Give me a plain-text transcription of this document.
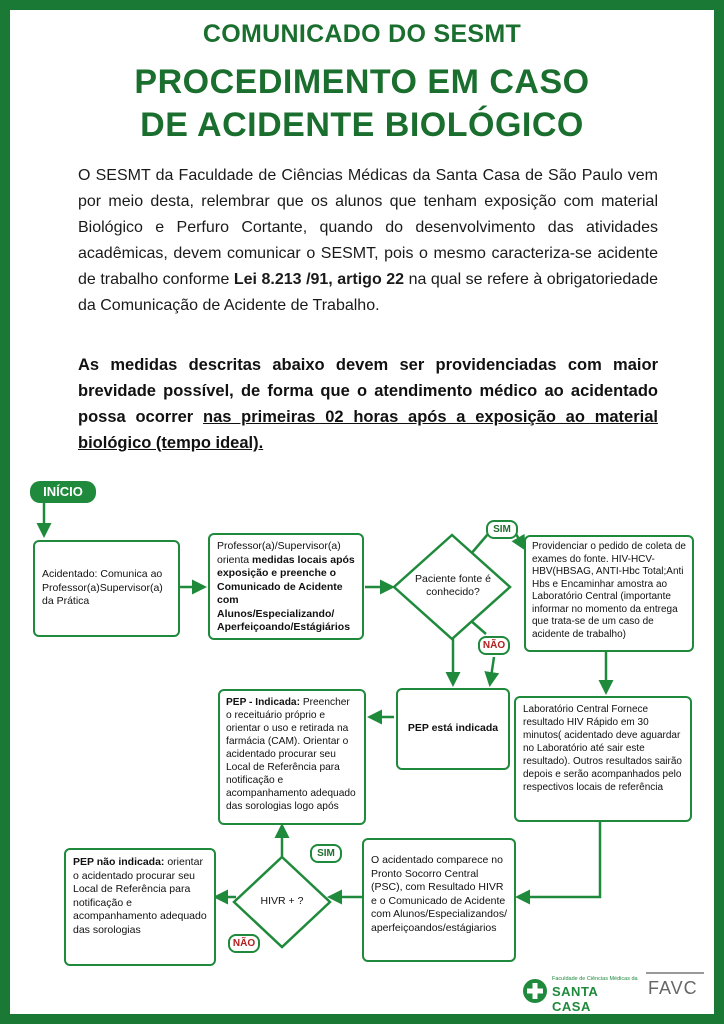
COMUNICADO DO SESMT
PROCEDIMENTO EM CASO
DE ACIDENTE BIOLÓGICO
O SESMT da Faculdade de Ciências Médicas da Santa Casa de São Paulo vem por meio desta, relembrar que os alunos que tenham exposição com material Biológico e Perfuro Cortante, quando do desenvolvimento das atividades acadêmicas, devem comunicar o SESMT, pois o mesmo caracteriza-se acidente de trabalho conforme Lei 8.213 /91, artigo 22 na qual se refere à obrigatoriedade da Comunicação de Acidente de Trabalho.
As medidas descritas abaixo devem ser providenciadas com maior brevidade possível, de forma que o atendimento médico ao acidentado possa ocorrer nas primeiras 02 horas após a exposição ao material biológico (tempo ideal).
INÍCIO
Acidentado: Comunica ao Professor(a)Supervisor(a) da Prática
Professor(a)/Supervisor(a) orienta medidas locais após exposição e preenche o Comunicado de Acidente com Alunos/Especializando/ Aperfeiçoando/Estágiários
Paciente fonte é conhecido?
SIM
NÃO
Providenciar o pedido de coleta de exames do fonte. HIV-HCV-HBV(HBSAG, ANTI-Hbc Total;Anti Hbs e Encaminhar amostra ao Laboratório Central (importante informar no momento da entrega que trata-se de um caso de acidente de trabalho)
PEP está indicada
PEP - Indicada: Preencher o receituário próprio e orientar o uso e retirada na farmácia (CAM). Orientar o acidentado procurar seu Local de Referência para notificação e acompanhamento adequado das sorologias logo após
Laboratório Central Fornece resultado HIV Rápido em 30 minutos( acidentado deve aguardar no Laboratório até sair este resultado). Outros resultados sairão depois e serão acompanhados pelo respectivos locais de referência
O acidentado comparece no Pronto Socorro Central (PSC), com Resultado HIVR e o Comunicado de Acidente com Alunos/Especializandos/ aperfeiçoandos/estágiarios
HIVR + ?
SIM
NÃO
PEP não indicada: orientar o acidentado procurar seu Local de Referência para notificação e acompanhamento adequado das sorologias
Faculdade de Ciências Médicas da
SANTA CASA
FAVC
